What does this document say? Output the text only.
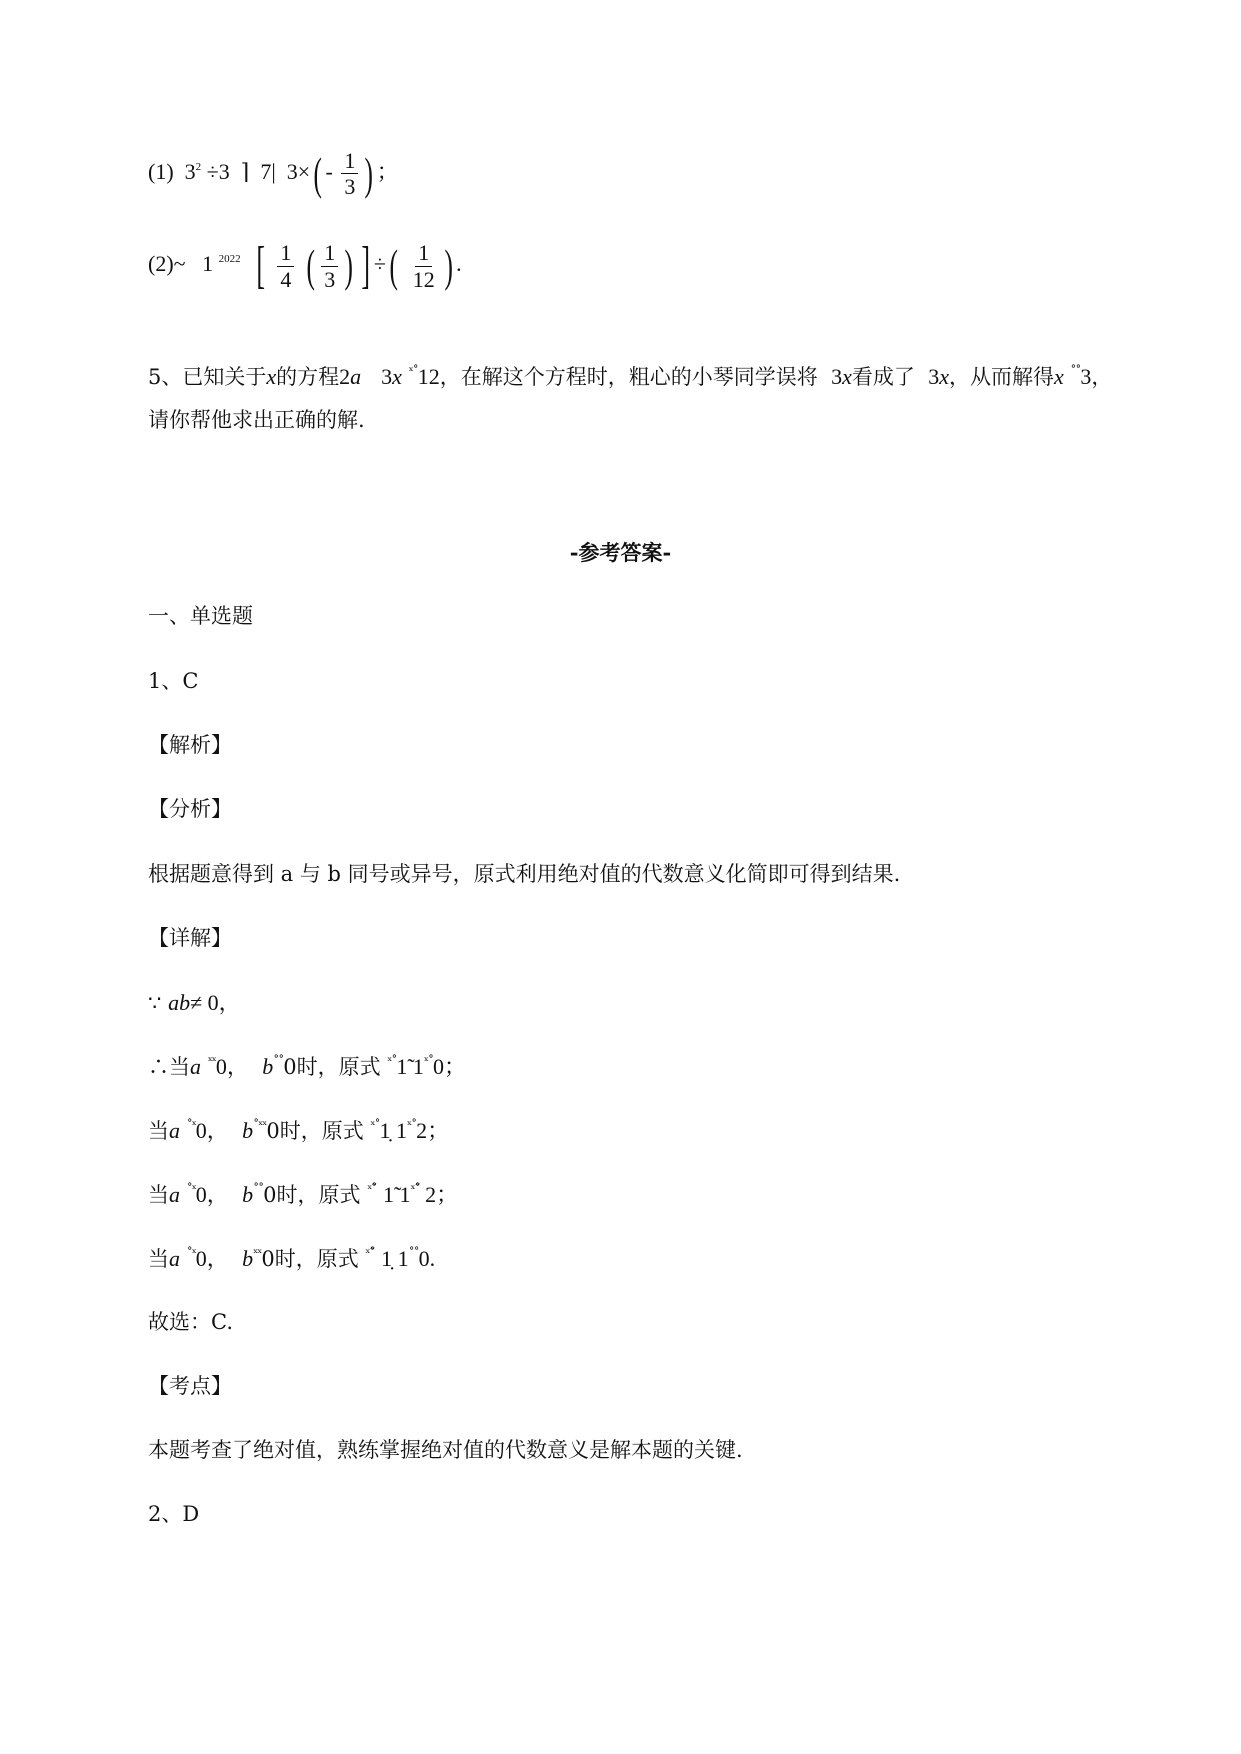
(1) $3^2 \div 3$ ⌉ 7| $3\times( - \frac{1}{3}$ ) ；
(2)~ 1 $^{2022}$ [ $\frac{1}{4}$ ( $\frac{1}{3}$ ) ] ÷( $\frac{1}{12}$ ) .
5、已知关于x的方程2a 3x $^{ˣ˚}$12，在解这个方程时，粗心的小琴同学误将 3x看成了 3x，从而解得x ˚˚3，
请你帮他求出正确的解.
-参考答案-
一、单选题
1、C
【解析】
【分析】
根据题意得到 a 与 b 同号或异号，原式利用绝对值的代数意义化简即可得到结果.
【详解】
∵ ab≠ 0，
∴当a $^{ˣˣ}$0， b˚˚0时，原式 $^{ˣ˚}$1̃ $1^{ˣ˚}0$；
当a $^{˚ˣ}$0， $b^{˚ˣˣ}0$时，原式 $^{ˣ˚}$1̣ $1^{ˣ˚}2$；
当a $^{˚ˣ}$0， b˚˚0时，原式 $^{ˣ˚̃}$ 1̃ $1^{ˣ˚̃}$ 2；
当a $^{˚ˣ}$0， $b^{ˣˣ}0$时，原式 $^{ˣ˚̃}$ 1̣ 1˚˚0.
故选：C.
【考点】
本题考查了绝对值，熟练掌握绝对值的代数意义是解本题的关键.
2、D
